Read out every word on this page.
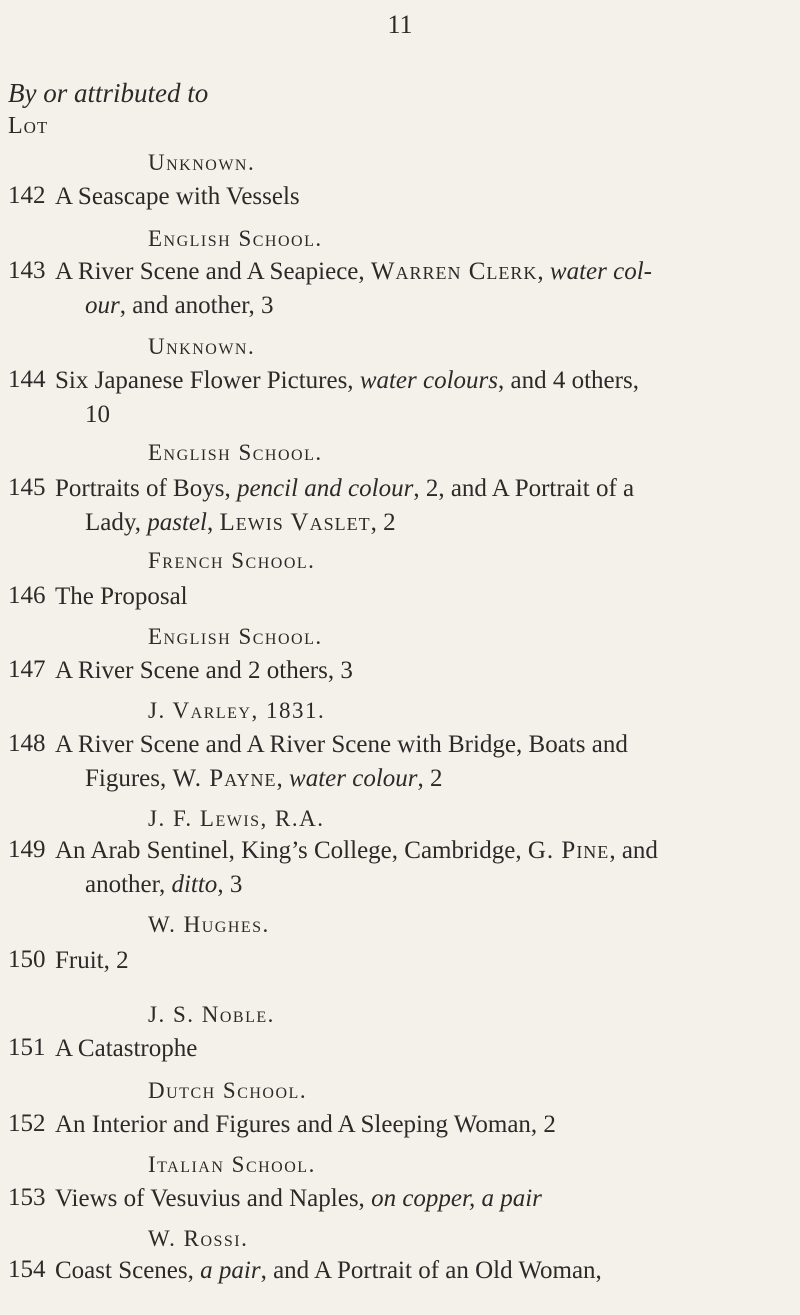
11
By or attributed to
Lot
Unknown.
142 A Seascape with Vessels
English School.
143 A River Scene and A Seapiece, Warren Clerk, water col-
our, and another, 3
Unknown.
144 Six Japanese Flower Pictures, water colours, and 4 others,
10
English School.
145 Portraits of Boys, pencil and colour, 2, and A Portrait of a
Lady, pastel, Lewis Vaslet, 2
French School.
146 The Proposal
English School.
147 A River Scene and 2 others, 3
J. Varley, 1831.
148 A River Scene and A River Scene with Bridge, Boats and
Figures, W. Payne, water colour, 2
J. F. Lewis, R.A.
149 An Arab Sentinel, King’s College, Cambridge, G. Pine, and
another, ditto, 3
W. Hughes.
150 Fruit, 2
J. S. Noble.
151 A Catastrophe
Dutch School.
152 An Interior and Figures and A Sleeping Woman, 2
Italian School.
153 Views of Vesuvius and Naples, on copper, a pair
W. Rossi.
154 Coast Scenes, a pair, and A Portrait of an Old Woman,
